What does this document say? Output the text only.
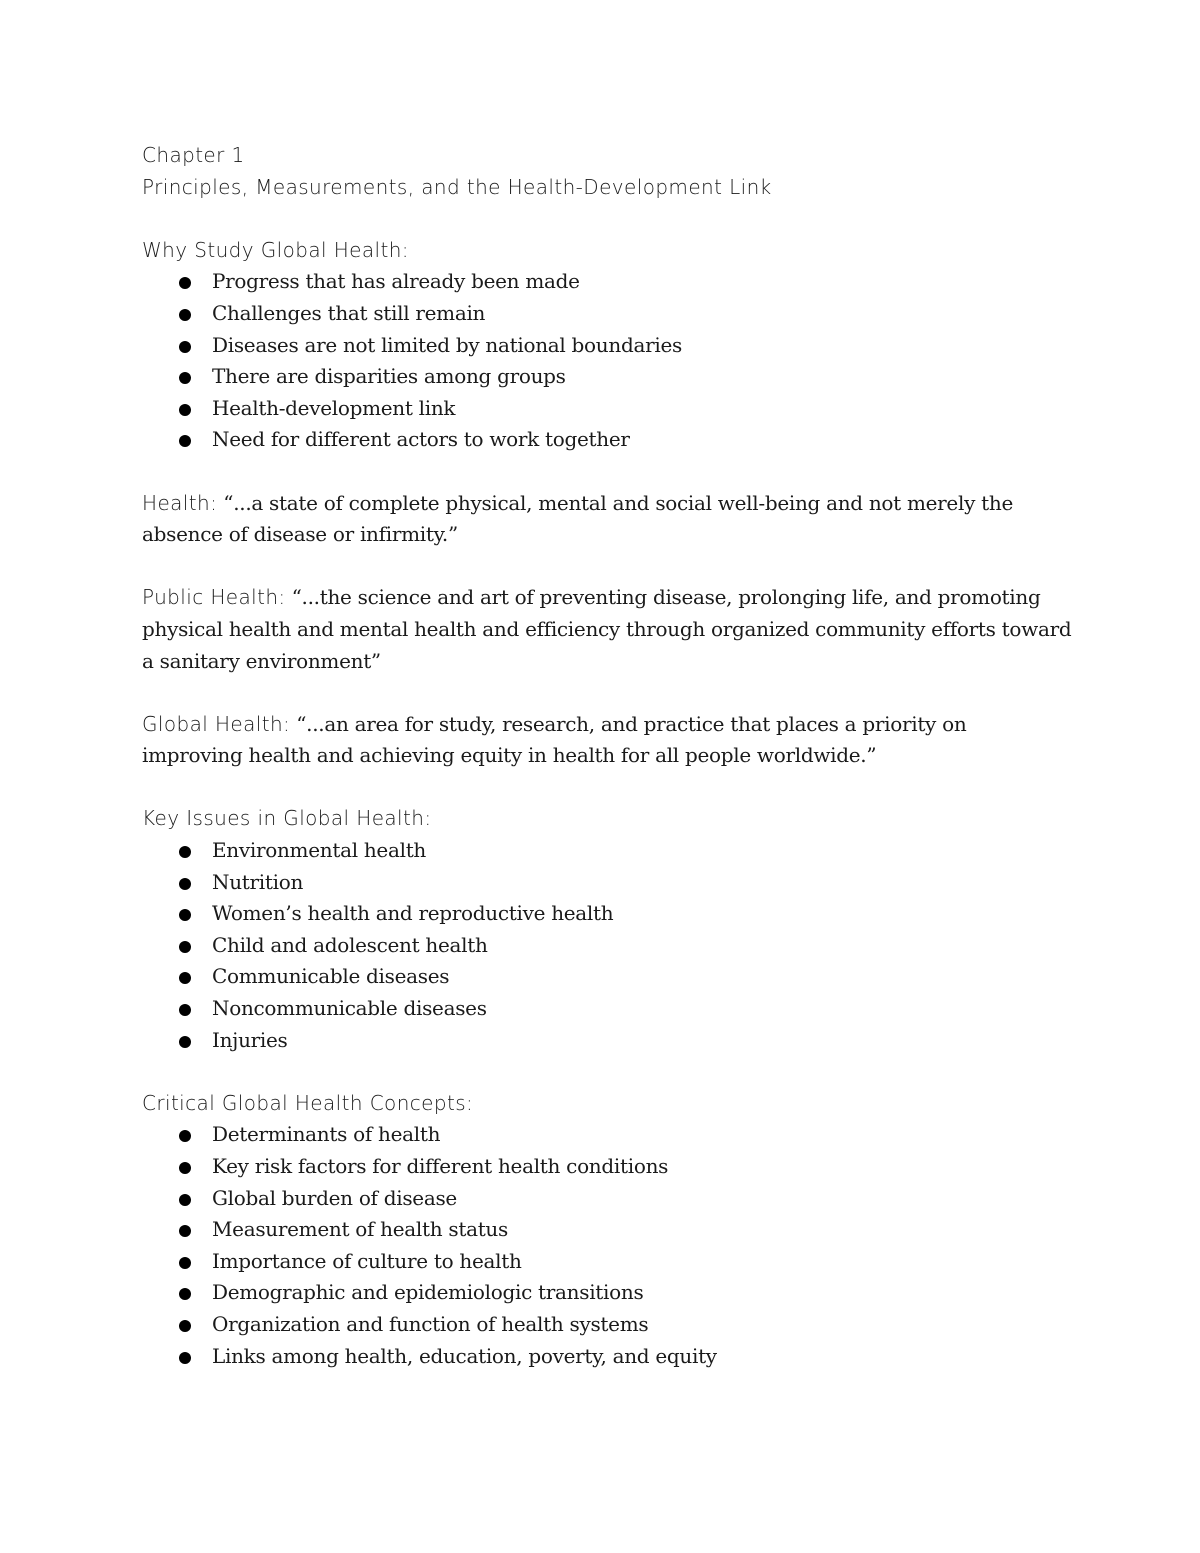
Chapter 1
Principles, Measurements, and the Health-Development Link
Why Study Global Health:
Progress that has already been made
Challenges that still remain
Diseases are not limited by national boundaries
There are disparities among groups
Health-development link
Need for different actors to work together

Health: “...a state of complete physical, mental and social well-being and not merely the absence of disease or infirmity.”

Public Health: “...the science and art of preventing disease, prolonging life, and promoting physical health and mental health and efficiency through organized community efforts toward a sanitary environment”

Global Health: “...an area for study, research, and practice that places a priority on improving health and achieving equity in health for all people worldwide.”

Key Issues in Global Health:
Environmental health
Nutrition
Women’s health and reproductive health
Child and adolescent health
Communicable diseases
Noncommunicable diseases
Injuries
Critical Global Health Concepts:
Determinants of health
Key risk factors for different health conditions
Global burden of disease
Measurement of health status
Importance of culture to health
Demographic and epidemiologic transitions
Organization and function of health systems
Links among health, education, poverty, and equity
